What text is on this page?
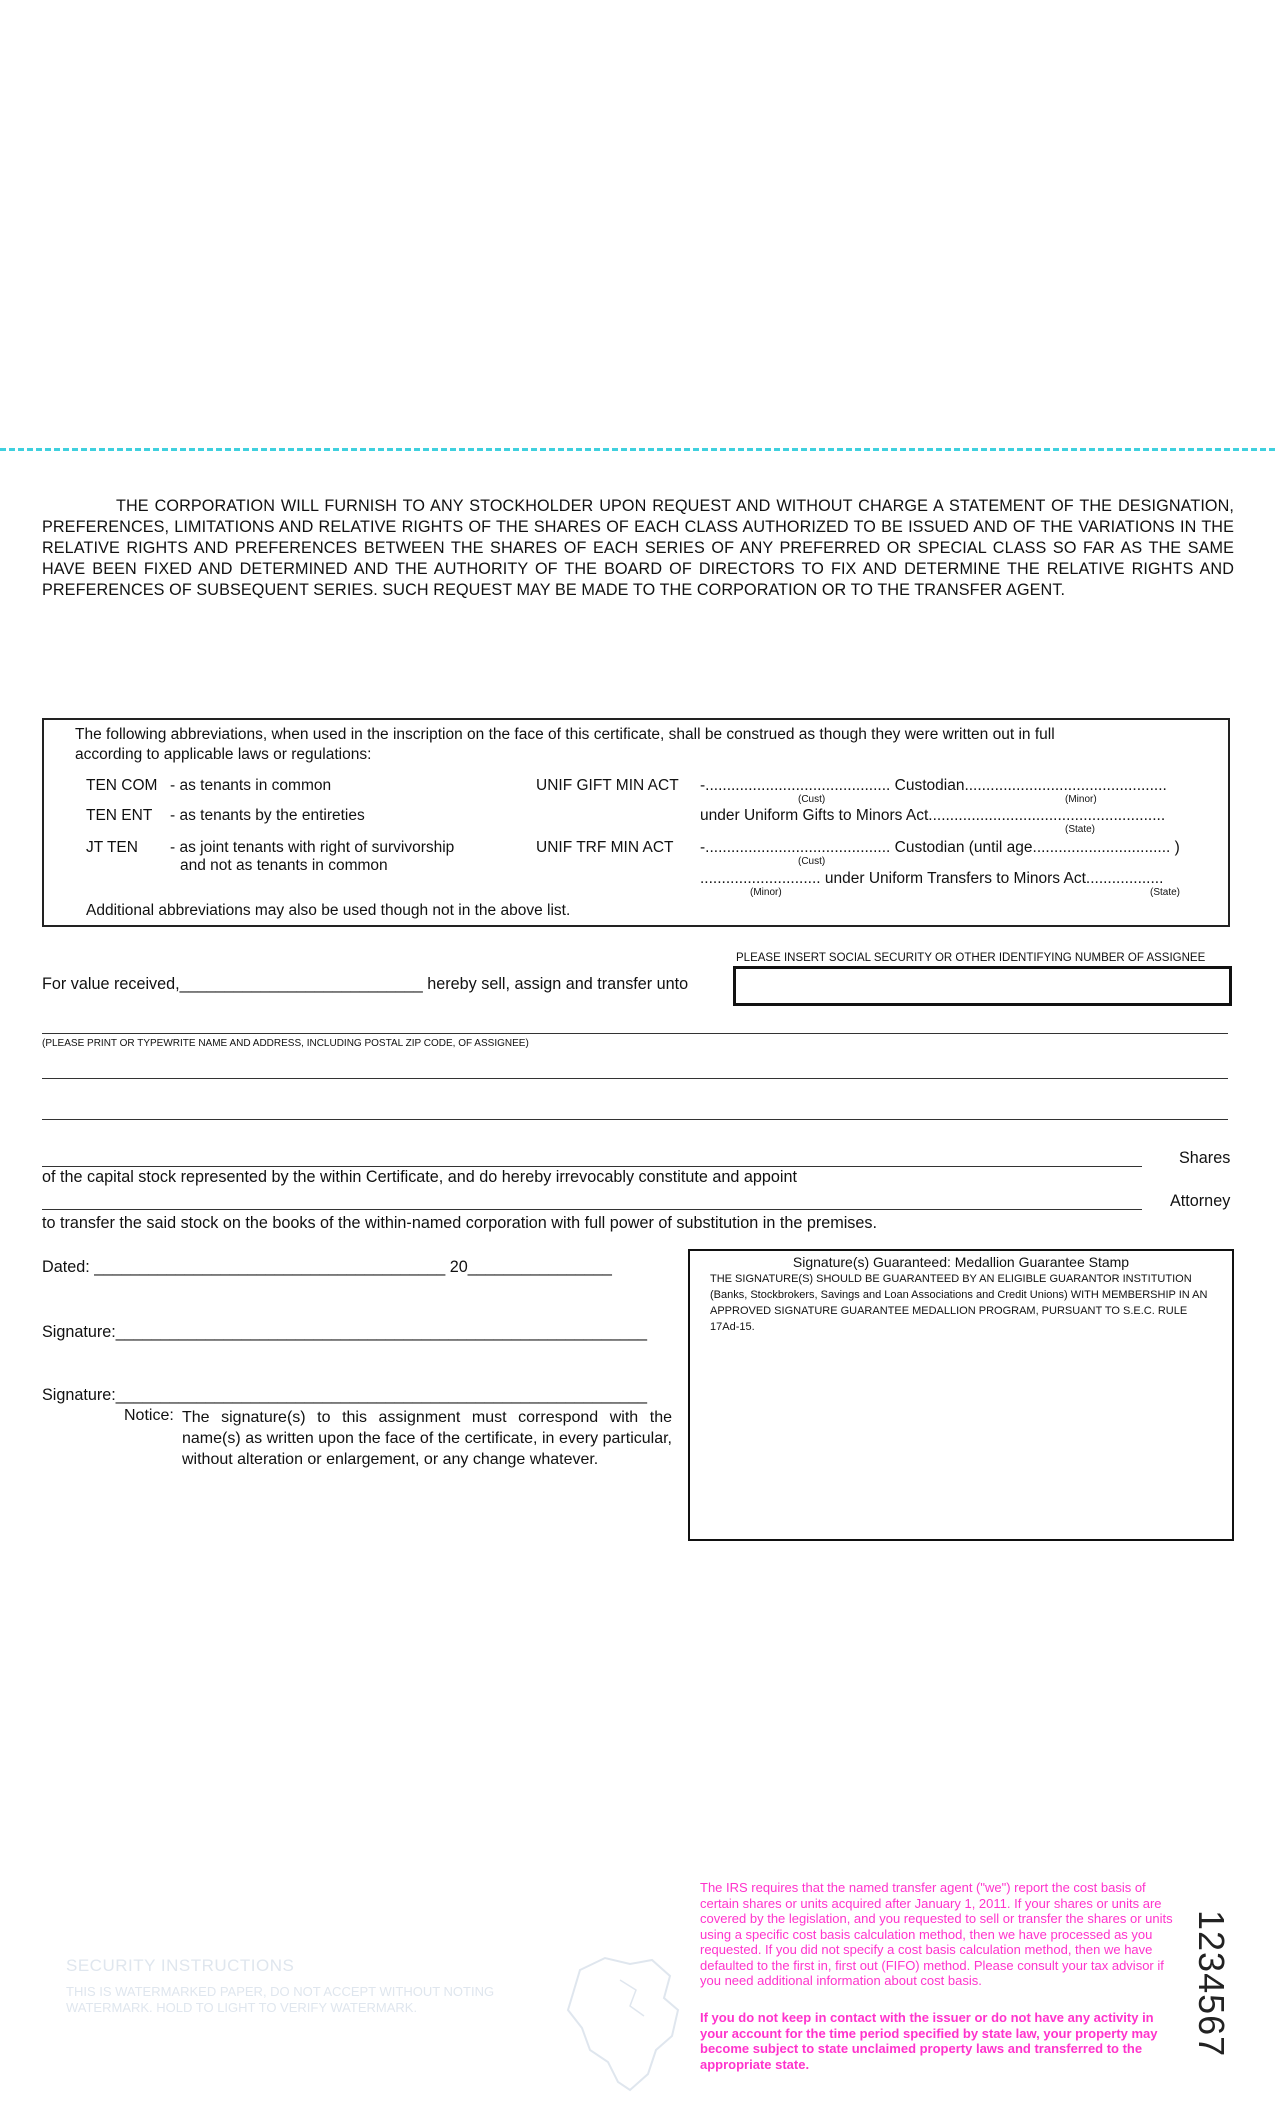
THE CORPORATION WILL FURNISH TO ANY STOCKHOLDER UPON REQUEST AND WITHOUT CHARGE A STATEMENT OF THE DESIGNATION, PREFERENCES, LIMITATIONS AND RELATIVE RIGHTS OF THE SHARES OF EACH CLASS AUTHORIZED TO BE ISSUED AND OF THE VARIATIONS IN THE RELATIVE RIGHTS AND PREFERENCES BETWEEN THE SHARES OF EACH SERIES OF ANY PREFERRED OR SPECIAL CLASS SO FAR AS THE SAME HAVE BEEN FIXED AND DETERMINED AND THE AUTHORITY OF THE BOARD OF DIRECTORS TO FIX AND DETERMINE THE RELATIVE RIGHTS AND PREFERENCES OF SUBSEQUENT SERIES. SUCH REQUEST MAY BE MADE TO THE CORPORATION OR TO THE TRANSFER AGENT.
The following abbreviations, when used in the inscription on the face of this certificate, shall be construed as though they were written out in full
according to applicable laws or regulations:
TEN COM - as tenants in common
TEN ENT - as tenants by the entireties
JT TEN - as joint tenants with right of survivorship
and not as tenants in common
UNIF GIFT MIN ACT -........................................... Custodian...............................................
(Cust)	(Minor)
under Uniform Gifts to Minors Act.......................................................
(State)
UNIF TRF MIN ACT -........................................... Custodian (until age................................ )
(Cust)
............................ under Uniform Transfers to Minors Act..................
(Minor)	(State)
Additional abbreviations may also be used though not in the above list.
PLEASE INSERT SOCIAL SECURITY OR OTHER IDENTIFYING NUMBER OF ASSIGNEE
For value received,___________________________ hereby sell, assign and transfer unto
(PLEASE PRINT OR TYPEWRITE NAME AND ADDRESS, INCLUDING POSTAL ZIP CODE, OF ASSIGNEE)
Shares
of the capital stock represented by the within Certificate, and do hereby irrevocably constitute and appoint
Attorney
to transfer the said stock on the books of the within-named corporation with full power of substitution in the premises.
Dated: _______________________________________ 20________________
Signature:___________________________________________________________
Signature:___________________________________________________________
Notice: The signature(s) to this assignment must correspond with the name(s) as written upon the face of the certificate, in every particular, without alteration or enlargement, or any change whatever.
Signature(s) Guaranteed: Medallion Guarantee Stamp
THE SIGNATURE(S) SHOULD BE GUARANTEED BY AN ELIGIBLE GUARANTOR INSTITUTION (Banks, Stockbrokers, Savings and Loan Associations and Credit Unions) WITH MEMBERSHIP IN AN APPROVED SIGNATURE GUARANTEE MEDALLION PROGRAM, PURSUANT TO S.E.C. RULE 17Ad-15.
SECURITY INSTRUCTIONS
THIS IS WATERMARKED PAPER, DO NOT ACCEPT WITHOUT NOTING WATERMARK. HOLD TO LIGHT TO VERIFY WATERMARK.
The IRS requires that the named transfer agent ("we") report the cost basis of certain shares or units acquired after January 1, 2011. If your shares or units are covered by the legislation, and you requested to sell or transfer the shares or units using a specific cost basis calculation method, then we have processed as you requested. If you did not specify a cost basis calculation method, then we have defaulted to the first in, first out (FIFO) method. Please consult your tax advisor if you need additional information about cost basis.
If you do not keep in contact with the issuer or do not have any activity in your account for the time period specified by state law, your property may become subject to state unclaimed property laws and transferred to the appropriate state.
1234567
